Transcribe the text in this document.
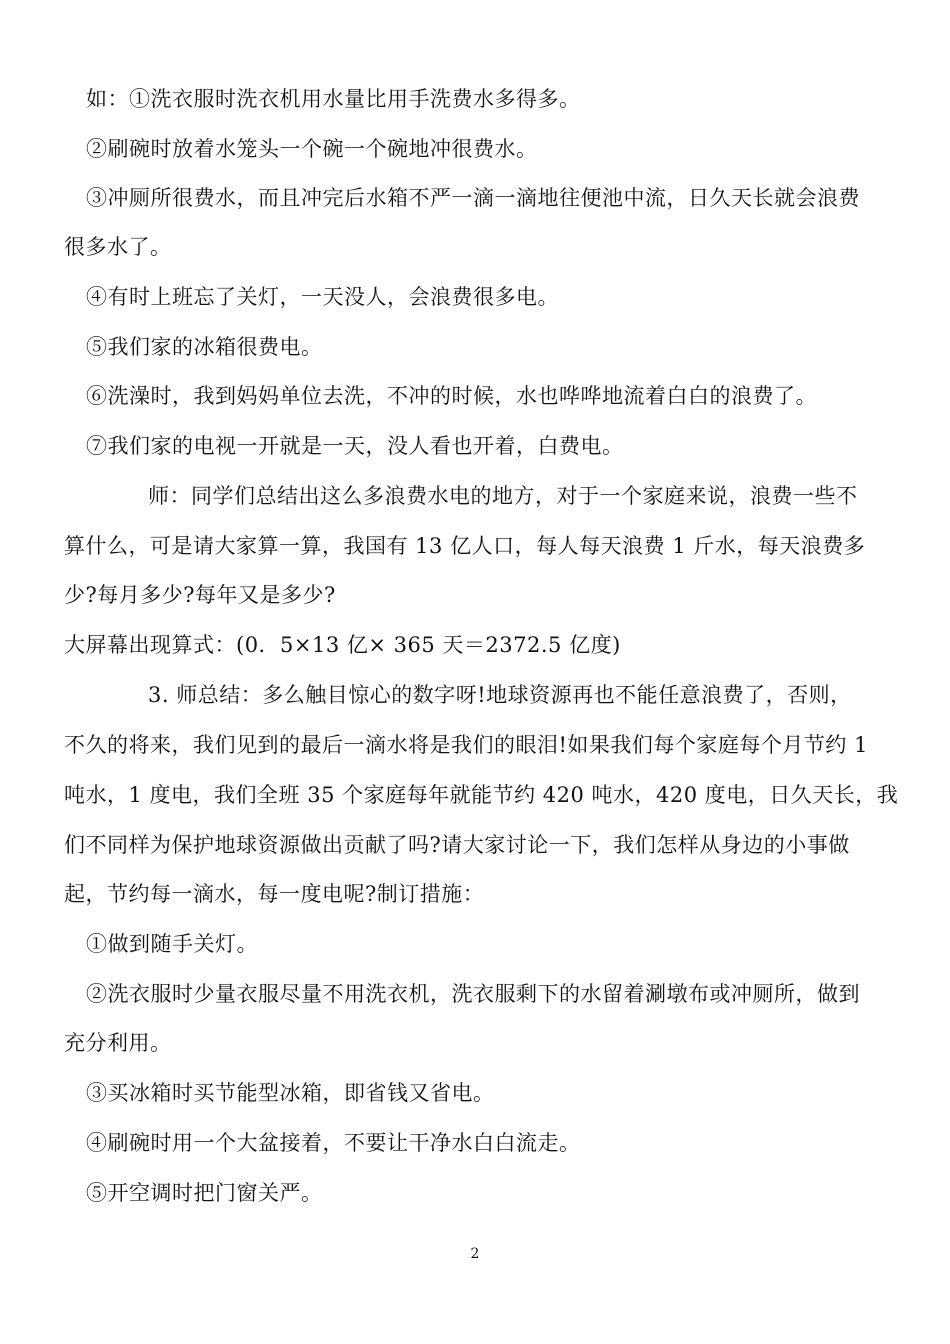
如：①洗衣服时洗衣机用水量比用手洗费水多得多。
②刷碗时放着水笼头一个碗一个碗地冲很费水。
③冲厕所很费水，而且冲完后水箱不严一滴一滴地往便池中流，日久天长就会浪费
很多水了。
④有时上班忘了关灯，一天没人，会浪费很多电。
⑤我们家的冰箱很费电。
⑥洗澡时，我到妈妈单位去洗，不冲的时候，水也哗哗地流着白白的浪费了。
⑦我们家的电视一开就是一天，没人看也开着，白费电。
师：同学们总结出这么多浪费水电的地方，对于一个家庭来说，浪费一些不
算什么，可是请大家算一算，我国有 13 亿人口，每人每天浪费 1 斤水，每天浪费多
少?每月多少?每年又是多少?
大屏幕出现算式：(0．5×13 亿× 365 天＝2372.5 亿度)
3. 师总结：多么触目惊心的数字呀!地球资源再也不能任意浪费了，否则，
不久的将来，我们见到的最后一滴水将是我们的眼泪!如果我们每个家庭每个月节约 1
吨水，1 度电，我们全班 35 个家庭每年就能节约 420 吨水，420 度电，日久天长，我
们不同样为保护地球资源做出贡献了吗?请大家讨论一下，我们怎样从身边的小事做
起，节约每一滴水，每一度电呢?制订措施：
①做到随手关灯。
②洗衣服时少量衣服尽量不用洗衣机，洗衣服剩下的水留着涮墩布或冲厕所，做到
充分利用。
③买冰箱时买节能型冰箱，即省钱又省电。
④刷碗时用一个大盆接着，不要让干净水白白流走。
⑤开空调时把门窗关严。
2
